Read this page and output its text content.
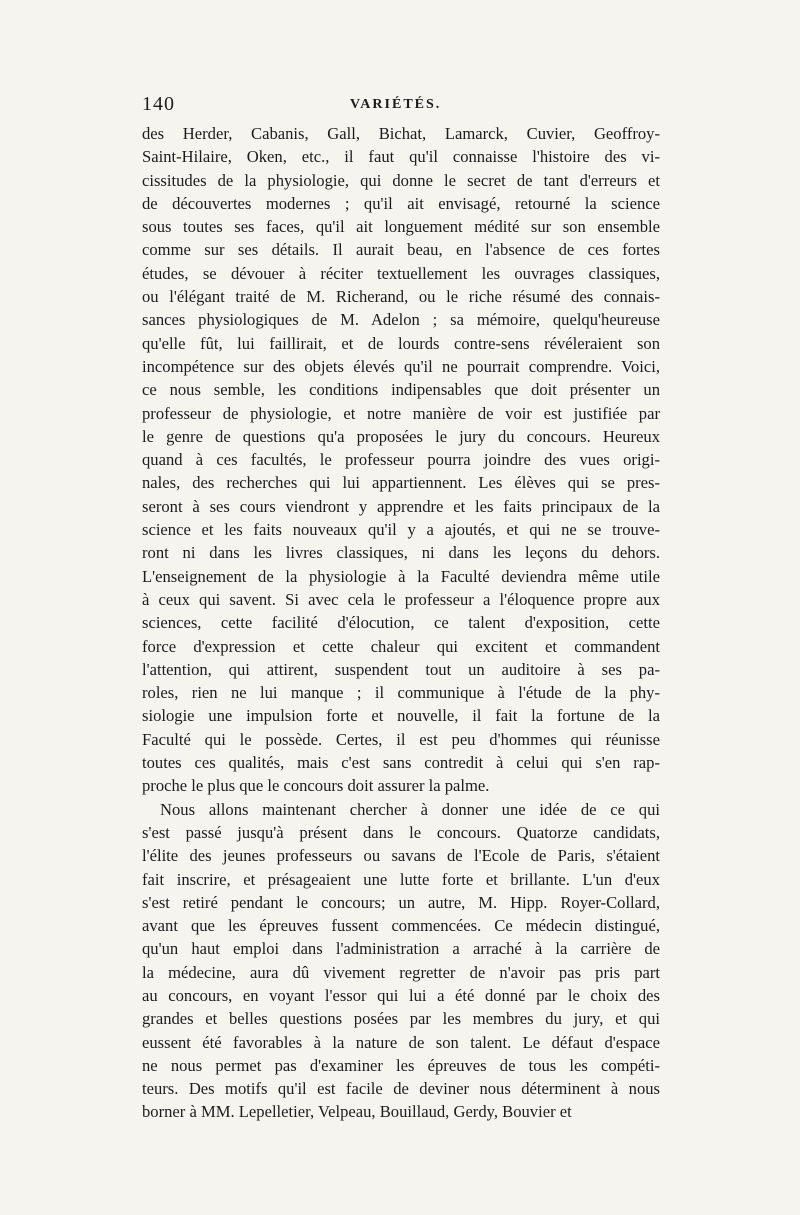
140	VARIÉTÉS.
des Herder, Cabanis, Gall, Bichat, Lamarck, Cuvier, Geoffroy-
Saint-Hilaire, Oken, etc., il faut qu'il connaisse l'histoire des vi-
cissitudes de la physiologie, qui donne le secret de tant d'erreurs et
de découvertes modernes ; qu'il ait envisagé, retourné la science
sous toutes ses faces, qu'il ait longuement médité sur son ensemble
comme sur ses détails. Il aurait beau, en l'absence de ces fortes
études, se dévouer à réciter textuellement les ouvrages classiques,
ou l'élégant traité de M. Richerand, ou le riche résumé des connais-
sances physiologiques de M. Adelon ; sa mémoire, quelqu'heureuse
qu'elle fût, lui faillirait, et de lourds contre-sens révéleraient son
incompétence sur des objets élevés qu'il ne pourrait comprendre. Voici,
ce nous semble, les conditions indipensables que doit présenter un
professeur de physiologie, et notre manière de voir est justifiée par
le genre de questions qu'a proposées le jury du concours. Heureux
quand à ces facultés, le professeur pourra joindre des vues origi-
nales, des recherches qui lui appartiennent. Les élèves qui se pres-
seront à ses cours viendront y apprendre et les faits principaux de la
science et les faits nouveaux qu'il y a ajoutés, et qui ne se trouve-
ront ni dans les livres classiques, ni dans les leçons du dehors.
L'enseignement de la physiologie à la Faculté deviendra même utile
à ceux qui savent. Si avec cela le professeur a l'éloquence propre aux
sciences, cette facilité d'élocution, ce talent d'exposition, cette
force d'expression et cette chaleur qui excitent et commandent
l'attention, qui attirent, suspendent tout un auditoire à ses pa-
roles, rien ne lui manque ; il communique à l'étude de la phy-
siologie une impulsion forte et nouvelle, il fait la fortune de la
Faculté qui le possède. Certes, il est peu d'hommes qui réunisse
toutes ces qualités, mais c'est sans contredit à celui qui s'en rap-
proche le plus que le concours doit assurer la palme.
Nous allons maintenant chercher à donner une idée de ce qui
s'est passé jusqu'à présent dans le concours. Quatorze candidats,
l'élite des jeunes professeurs ou savans de l'Ecole de Paris, s'étaient
fait inscrire, et présageaient une lutte forte et brillante. L'un d'eux
s'est retiré pendant le concours; un autre, M. Hipp. Royer-Collard,
avant que les épreuves fussent commencées. Ce médecin distingué,
qu'un haut emploi dans l'administration a arraché à la carrière de
la médecine, aura dû vivement regretter de n'avoir pas pris part
au concours, en voyant l'essor qui lui a été donné par le choix des
grandes et belles questions posées par les membres du jury, et qui
eussent été favorables à la nature de son talent. Le défaut d'espace
ne nous permet pas d'examiner les épreuves de tous les compéti-
teurs. Des motifs qu'il est facile de deviner nous déterminent à nous
borner à MM. Lepelletier, Velpeau, Bouillaud, Gerdy, Bouvier et
